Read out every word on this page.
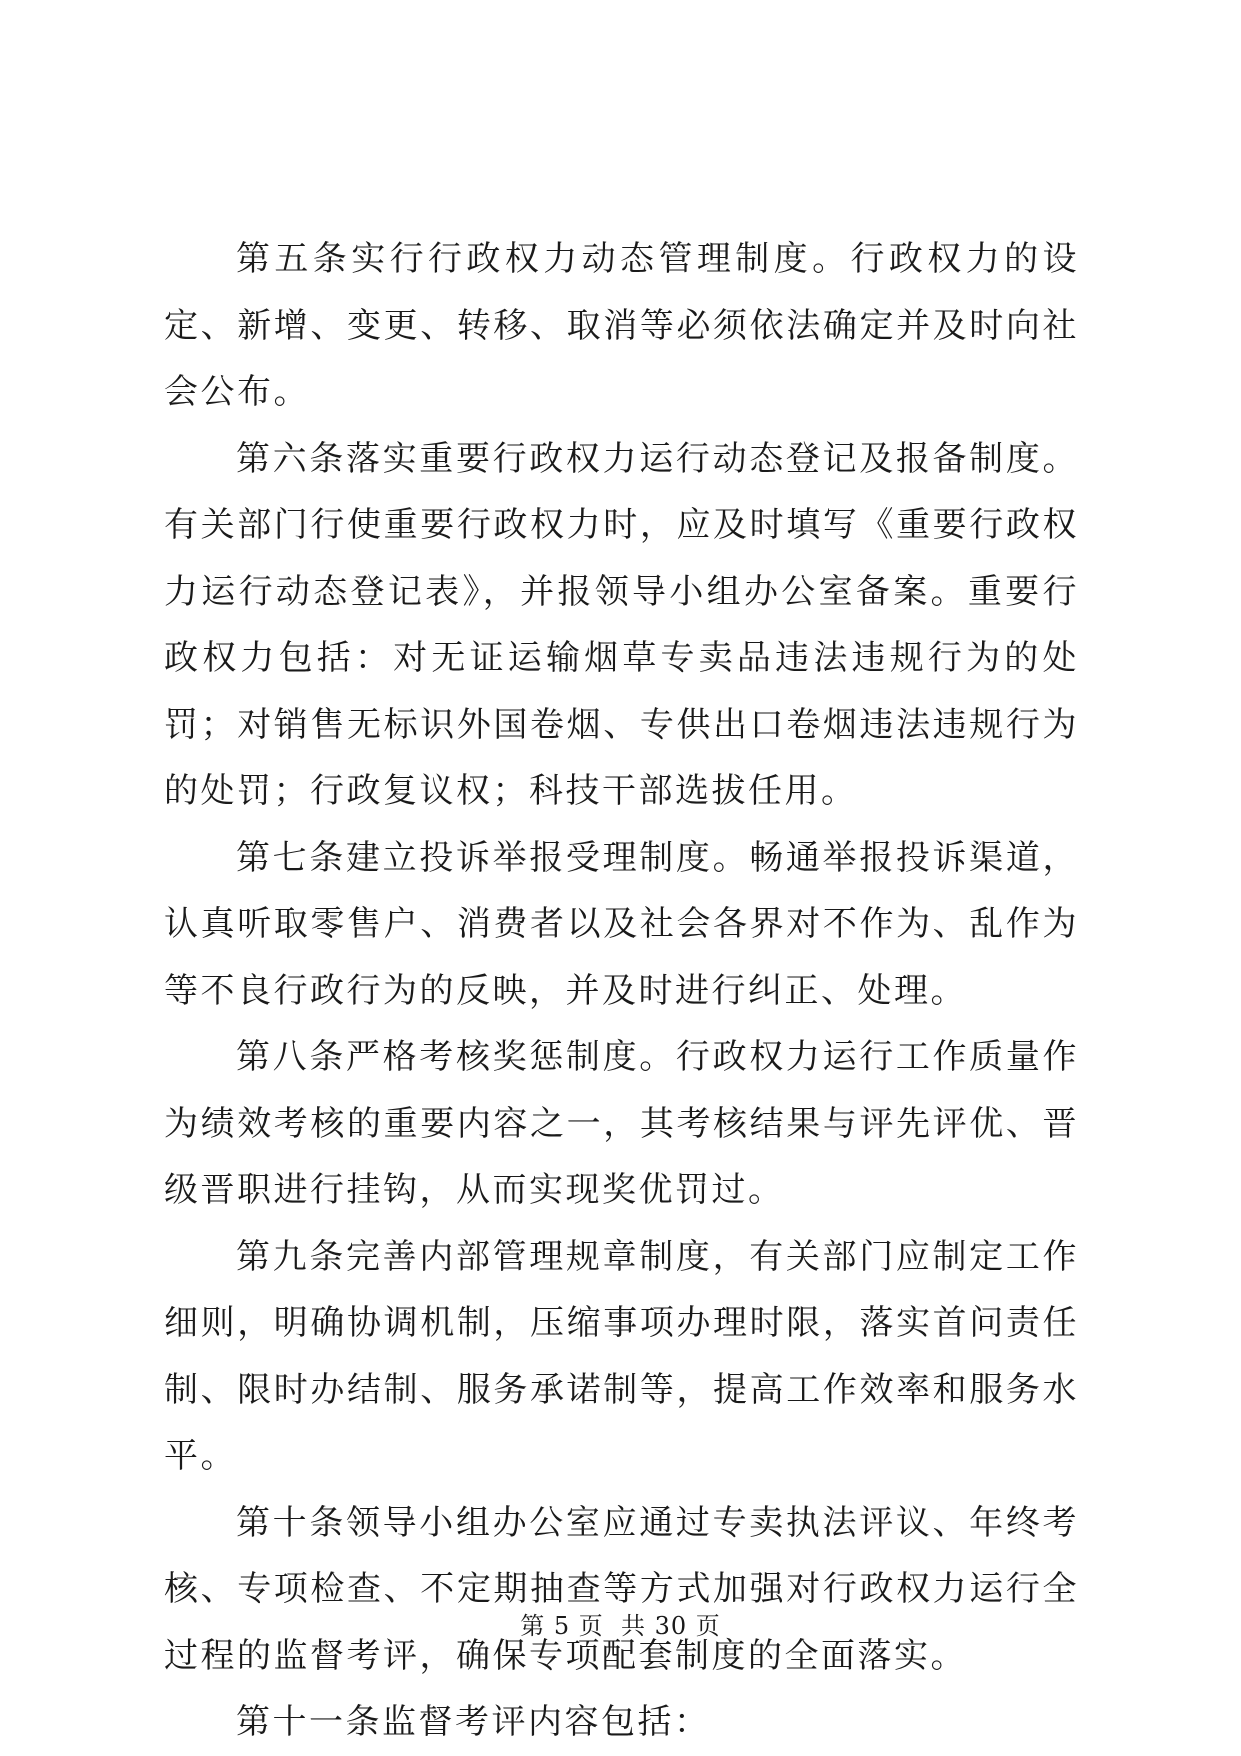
第五条实行行政权力动态管理制度。行政权力的设定、新增、变更、转移、取消等必须依法确定并及时向社会公布。

第六条落实重要行政权力运行动态登记及报备制度。有关部门行使重要行政权力时，应及时填写《重要行政权力运行动态登记表》，并报领导小组办公室备案。重要行政权力包括：对无证运输烟草专卖品违法违规行为的处罚；对销售无标识外国卷烟、专供出口卷烟违法违规行为的处罚；行政复议权；科技干部选拔任用。

第七条建立投诉举报受理制度。畅通举报投诉渠道，认真听取零售户、消费者以及社会各界对不作为、乱作为等不良行政行为的反映，并及时进行纠正、处理。

第八条严格考核奖惩制度。行政权力运行工作质量作为绩效考核的重要内容之一，其考核结果与评先评优、晋级晋职进行挂钩，从而实现奖优罚过。

第九条完善内部管理规章制度，有关部门应制定工作细则，明确协调机制，压缩事项办理时限，落实首问责任制、限时办结制、服务承诺制等，提高工作效率和服务水平。

第十条领导小组办公室应通过专卖执法评议、年终考核、专项检查、不定期抽查等方式加强对行政权力运行全过程的监督考评，确保专项配套制度的全面落实。

第十一条监督考评内容包括：

第 5 页  共 30 页
